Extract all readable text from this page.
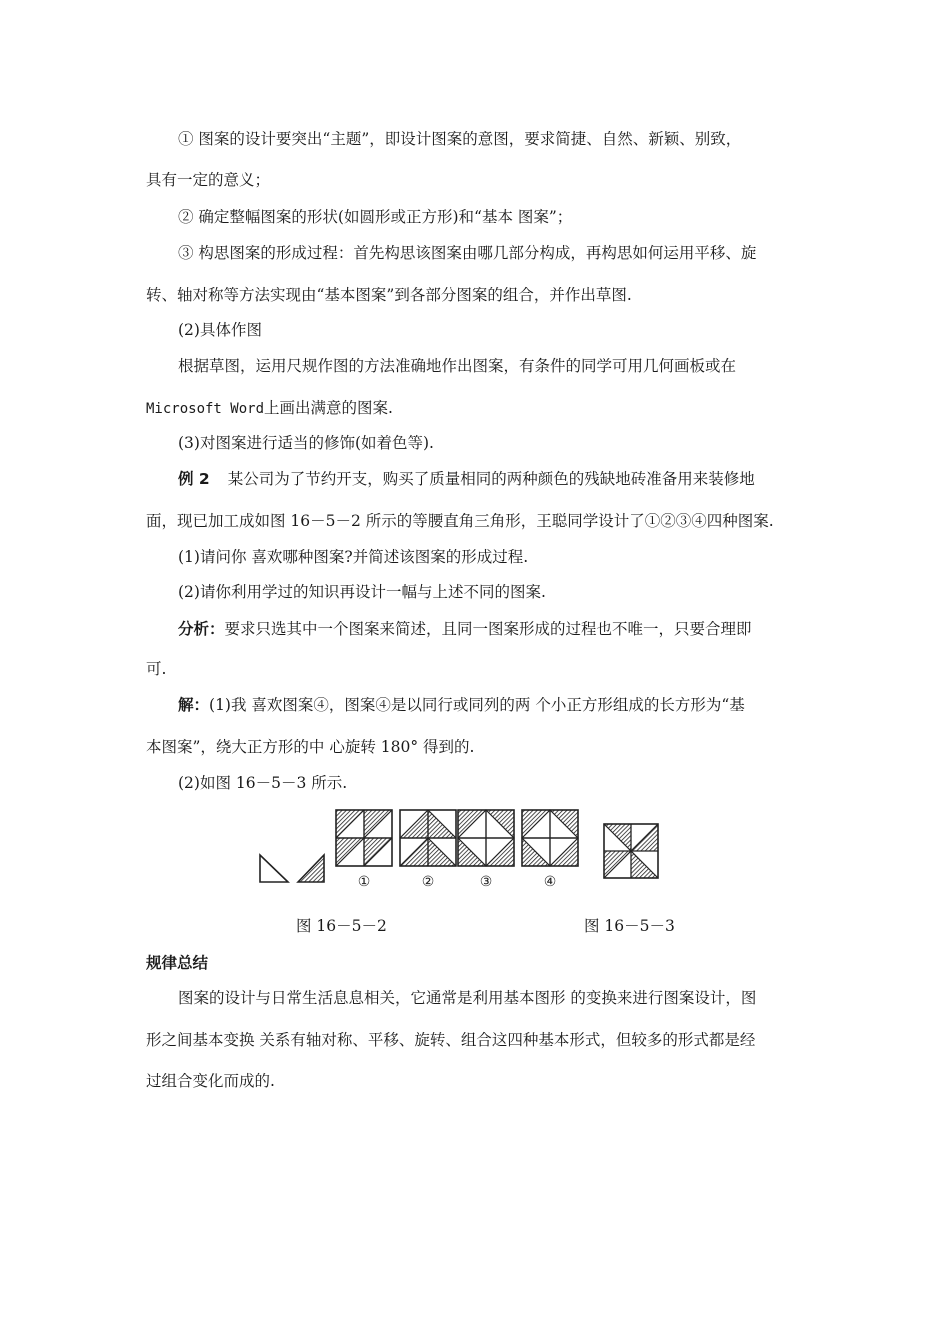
① 图案的设计要突出“主题”，即设计图案的意图，要求简捷、自然、新颖、别致，
具有一定的意义；
② 确定整幅图案的形状(如圆形或正方形)和“基本 图案”；
③ 构思图案的形成过程：首先构思该图案由哪几部分构成，再构思如何运用平移、旋
转、轴对称等方法实现由“基本图案”到各部分图案的组合，并作出草图.
(2)具体作图
根据草图，运用尺规作图的方法准确地作出图案，有条件的同学可用几何画板或在
Microsoft Word上画出满意的图案.
(3)对图案进行适当的修饰(如着色等).
例 2 某公司为了节约开支，购买了质量相同的两种颜色的残缺地砖准备用来装修地
面，现已加工成如图 16－5－2 所示的等腰直角三角形，王聪同学设计了①②③④四种图案.
(1)请问你 喜欢哪种图案?并简述该图案的形成过程.
(2)请你利用学过的知识再设计一幅与上述不同的图案.
分析：要求只选其中一个图案来简述，且同一图案形成的过程也不唯一，只要合理即
可.
解：(1)我 喜欢图案④，图案④是以同行或同列的两 个小正方形组成的长方形为“基
本图案”，绕大正方形的中 心旋转 180° 得到的.
(2)如图 16－5－3 所示.
①	②	③	④
图 16－5－2	图 16－5－3
规律总结
图案的设计与日常生活息息相关，它通常是利用基本图形 的变换来进行图案设计，图
形之间基本变换 关系有轴对称、平移、旋转、组合这四种基本形式，但较多的形式都是经
过组合变化而成的.
